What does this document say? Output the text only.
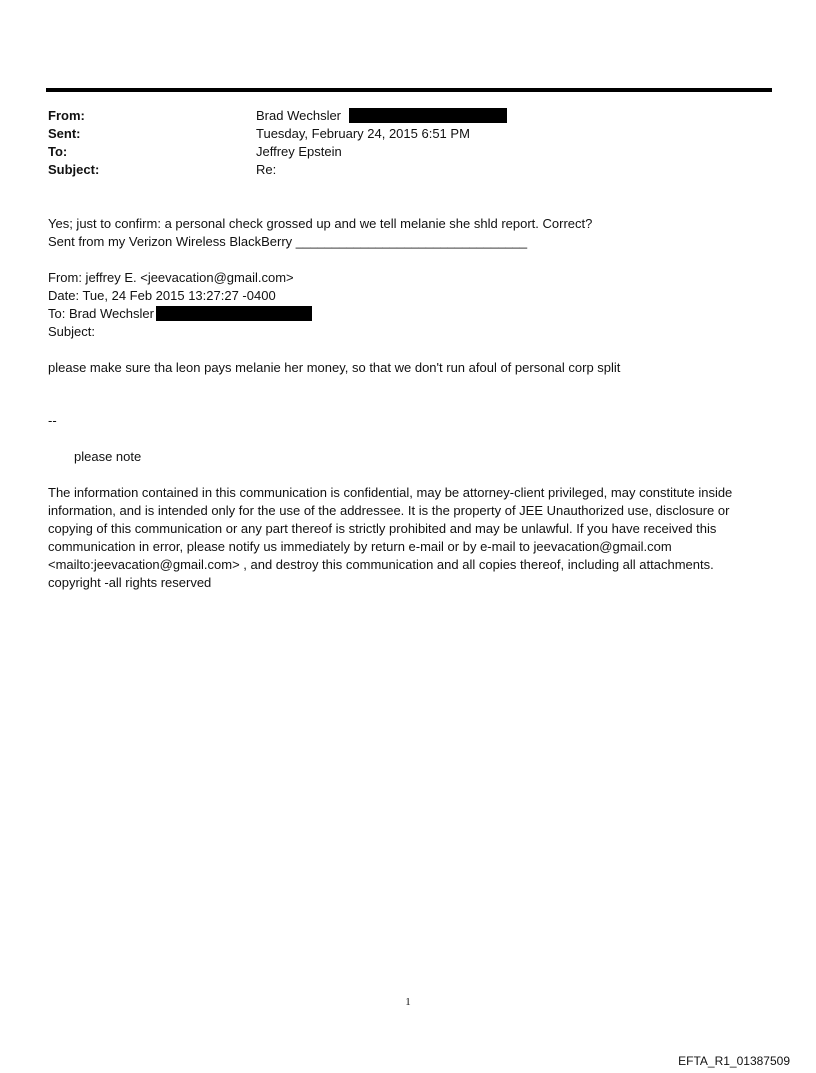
From:	Brad Wechsler
Sent:	Tuesday, February 24, 2015 6:51 PM
To:	Jeffrey Epstein
Subject:	Re:
Yes; just to confirm: a personal check grossed up and we tell melanie she shld report. Correct?
Sent from my Verizon Wireless BlackBerry ________________________________
From: jeffrey E. <jeevacation@gmail.com>
Date: Tue, 24 Feb 2015 13:27:27 -0400
To: Brad Wechsler
Subject:
please make sure tha leon pays melanie her money, so that we don't run afoul of personal corp split
--
please note
The information contained in this communication is confidential, may be attorney-client privileged, may constitute inside information, and is intended only for the use of the addressee. It is the property of JEE Unauthorized use, disclosure or copying of this communication or any part thereof is strictly prohibited and may be unlawful. If you have received this communication in error, please notify us immediately by return e-mail or by e-mail to jeevacation@gmail.com <mailto:jeevacation@gmail.com> , and destroy this communication and all copies thereof, including all attachments. copyright -all rights reserved
1
EFTA_R1_01387509
